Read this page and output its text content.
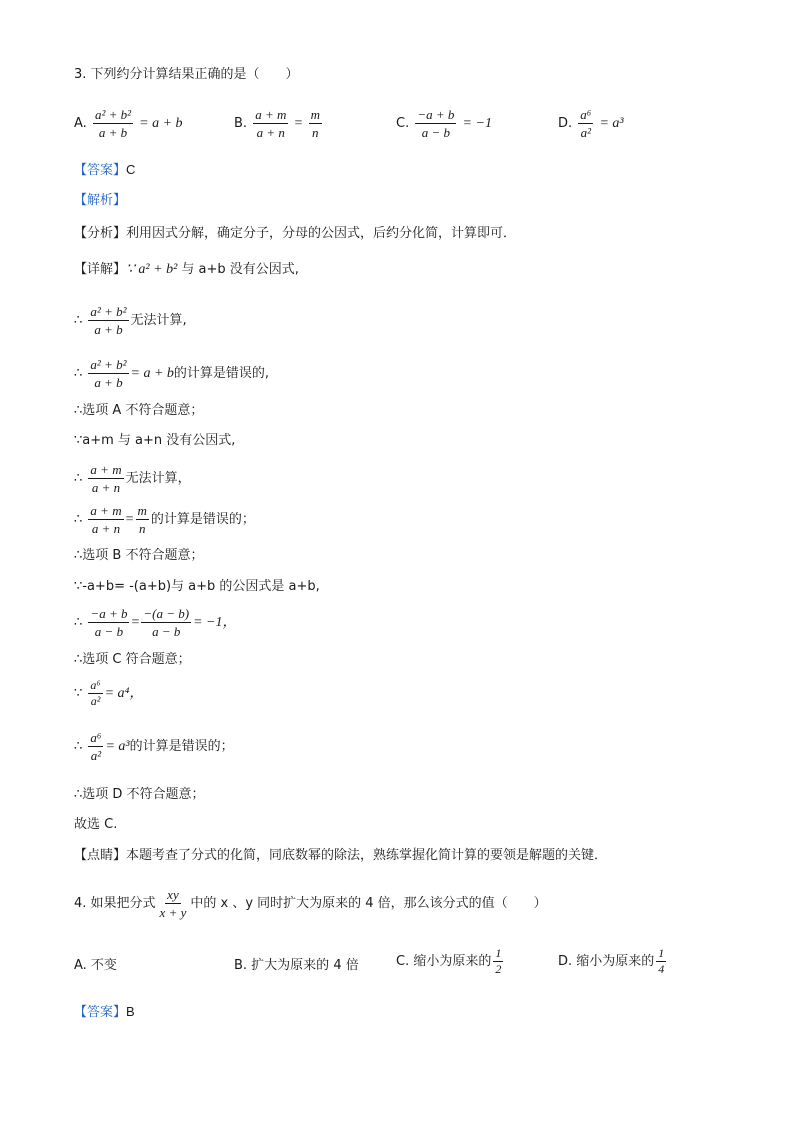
3. 下列约分计算结果正确的是（　　）
A. $\frac{\text{a² + b²}}{a + b} = a + b$	B. $\frac{a + m}{a + n} = \frac{m}{n}$	C. $\frac{-a + b}{a - b} = -1$	D. $\frac{\text{a⁶}}{\text{a²}} = a^3$
【答案】C
【解析】
【分析】利用因式分解，确定分子，分母的公因式，后约分化简，计算即可．
【详解】∵ a² + b² 与 a+b 没有公因式,
∴ $\frac{\text{a² + b²}}{a + b}$ 无法计算,
∴ $\frac{\text{a² + b²}}{a + b} = a + b$的计算是错误的,
∴选项 A 不符合题意；
∵a+m 与 a+n 没有公因式,
∴ $\frac{a + m}{a + n}$ 无法计算，
∴ $\frac{a + m}{a + n} = \frac{m}{n}$ 的计算是错误的；
∴选项 B 不符合题意；
∵-a+b= -(a+b)与 a+b 的公因式是 a+b,
∴ $\frac{-a + b}{a - b} = \frac{-(a - b)}{a - b} = -1$，
∴选项 C 符合题意；
∵ $\frac{\text{a⁶}}{\text{a²}} = a^4$，
∴ $\frac{\text{a⁶}}{\text{a²}} = a^3$的计算是错误的；
∴选项 D 不符合题意；
故选 C.
【点睛】本题考查了分式的化简，同底数幂的除法，熟练掌握化简计算的要领是解题的关键．
4. 如果把分式 $\frac{xy}{x + y}$ 中的 x 、y 同时扩大为原来的 4 倍，那么该分式的值（　　）
A. 不变	B. 扩大为原来的 4 倍	C. 缩小为原来的 $\frac{1}{2}$	D. 缩小为原来的 $\frac{1}{4}$
【答案】B
